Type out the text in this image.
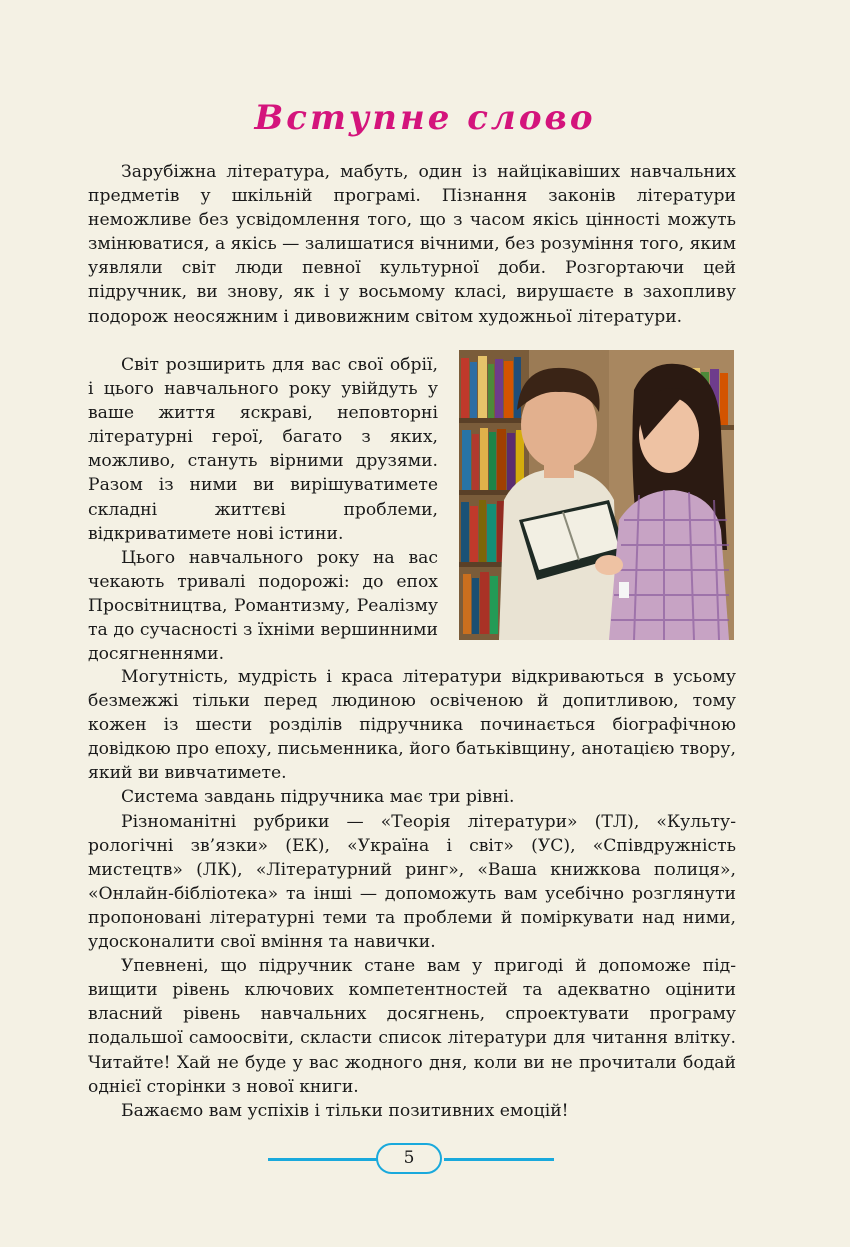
Вступне слово

Зарубіжна література, мабуть, один із найцікавіших навчальних предметів у шкільній програмі. Пізнання законів літератури неможливе без усвідомлення того, що з часом якісь цінності можуть змінюватися, а якісь — залишатися вічними, без розуміння того, яким уявляли світ люди певної культурної доби. Розгортаючи цей підручник, ви знову, як і у восьмому класі, вирушаєте в захопливу подорож неосяжним і дивовижним світом художньої літератури.

Світ розширить для вас свої обрії, і цього навчального року увійдуть у ваше життя яскраві, неповторні літературні герої, багато з яких, можливо, стануть вірними друзями. Разом із ними ви вирішуватимете складні життєві проблеми, відкриватимете нові істини.

Цього навчального року на вас чекають тривалі подорожі: до епох Просвітництва, Романтизму, Реалізму та до сучасності з їхніми вершинними досягненнями.

Могутність, мудрість і краса літератури відкриваються в усьому безмежжі тільки перед людиною освіченою й допитливою, тому кожен із шести розділів підручника починається біографічною довідкою про епоху, письменника, його батьківщину, анотацією твору, який ви вивчатимете.

Система завдань підручника має три рівні.

Різноманітні рубрики — «Теорія літератури» (ТЛ), «Культурологічні зв’язки» (ЕК), «Україна і світ» (УС), «Співдружність мистецтв» (ЛК), «Літературний ринг», «Ваша книжкова полиця», «Онлайн-бібліотека» та інші — допоможуть вам усебічно розглянути пропоновані літературні теми та проблеми й поміркувати над ними, удосконалити свої вміння та навички.

Упевнені, що підручник стане вам у пригоді й допоможе підвищити рівень ключових компетентностей та адекватно оцінити власний рівень навчальних досягнень, спроектувати програму подальшої самоосвіти, скласти список літератури для читання влітку. Читайте! Хай не буде у вас жодного дня, коли ви не прочитали бодай однієї сторінки з нової книги.

Бажаємо вам успіхів і тільки позитивних емоцій!

5
